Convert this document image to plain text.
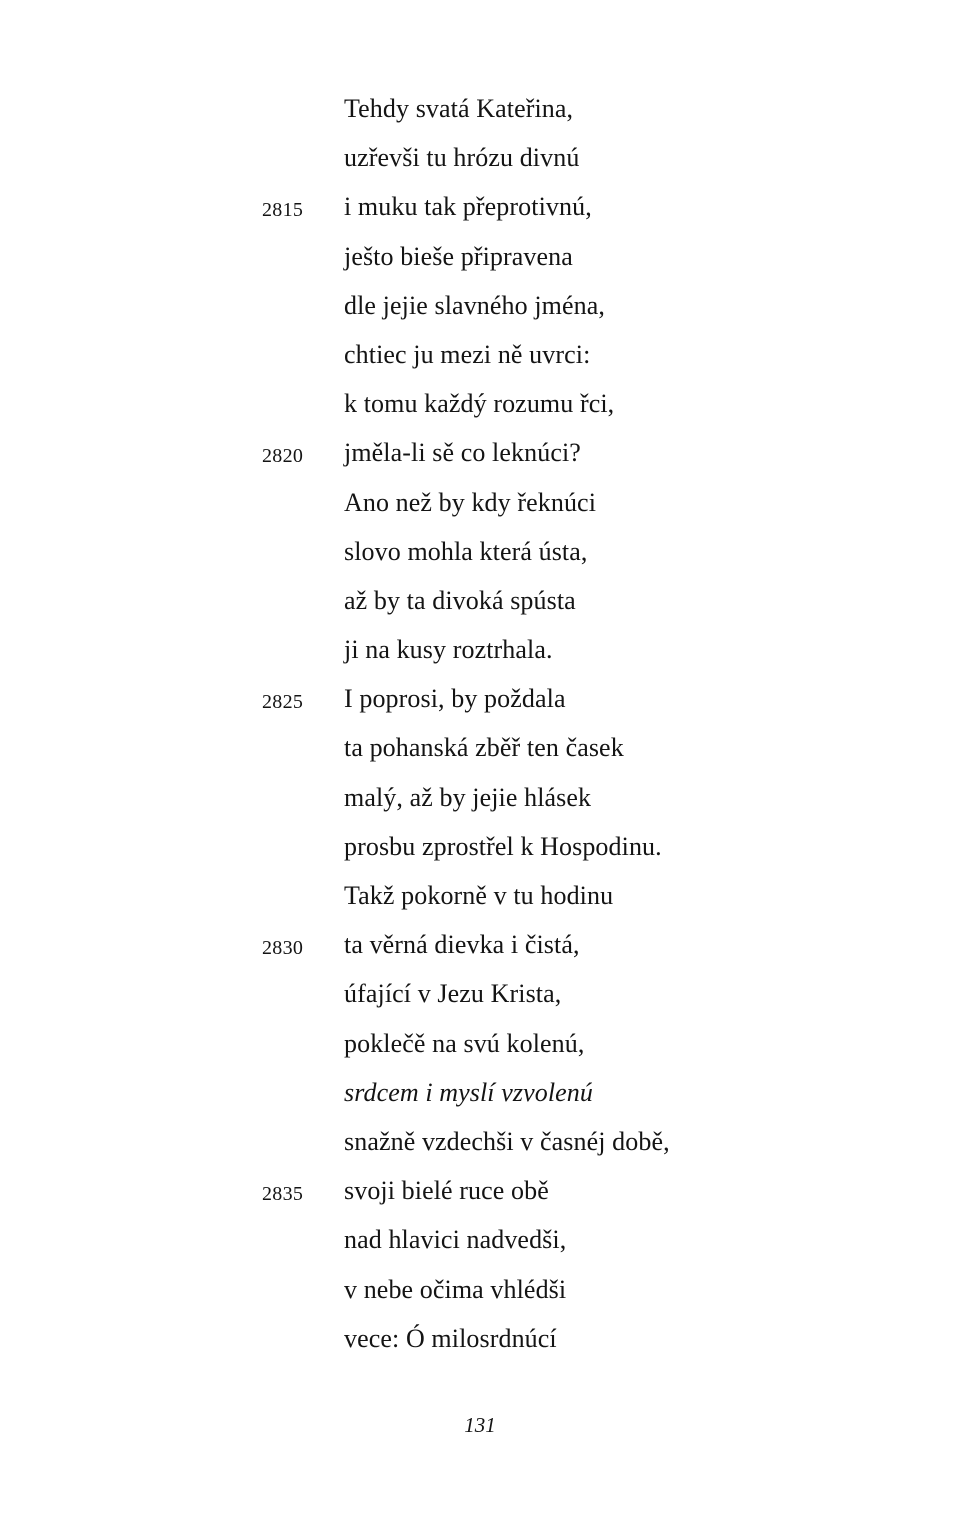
Tehdy svatá Kateřina,
uzřevši tu hrózu divnú
2815 i muku tak přeprotivnú,
ješto bieše připravena
dle jejie slavného jména,
chtiec ju mezi ně uvrci:
k tomu každý rozumu řci,
2820 jměla-li sě co leknúci?
Ano než by kdy řeknúci
slovo mohla která ústa,
až by ta divoká spústa
ji na kusy roztrhala.
2825 I poprosi, by poždala
ta pohanská zběř ten časek
malý, až by jejie hlásek
prosbu zprostřel k Hospodinu.
Takž pokorně v tu hodinu
2830 ta věrná dievka i čistá,
úfající v Jezu Krista,
poklečě na svú kolenú,
srdcem i myslí vzvolenú
snažně vzdechši v časnéj době,
2835 svoji bielé ruce obě
nad hlavici nadvedši,
v nebe očima vhlédši
vece: Ó milosrdnúcí
131
